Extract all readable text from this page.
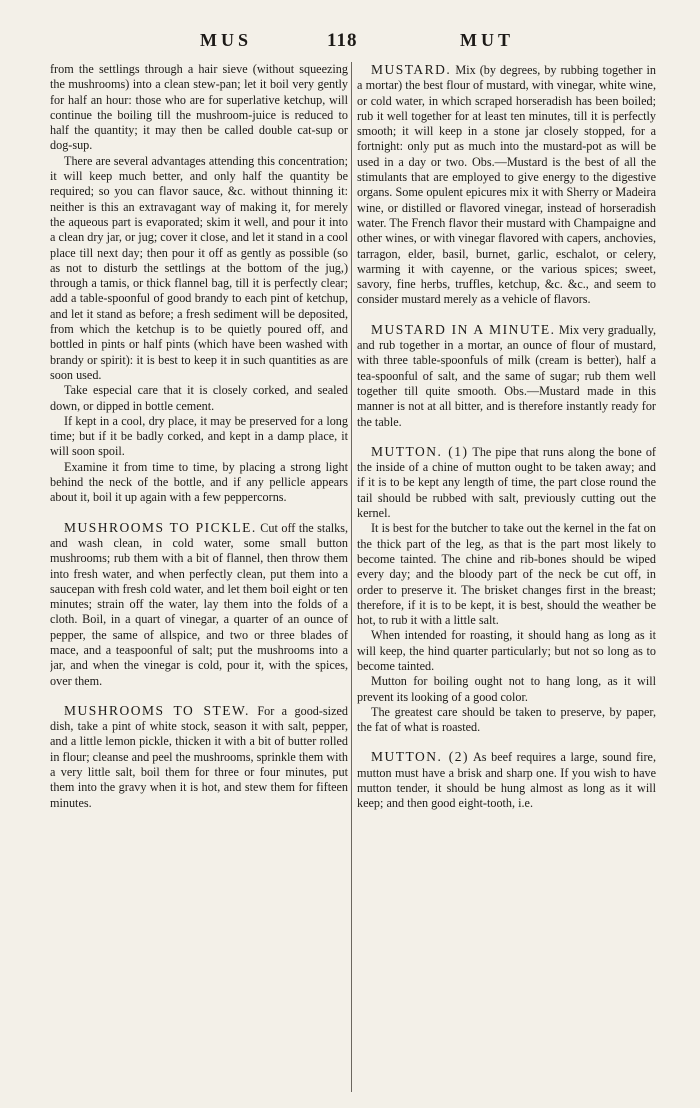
MUS	118	MUT

from the settlings through a hair sieve (without squeezing the mushrooms) into a clean stew-pan; let it boil very gently for half an hour: those who are for superlative ketchup, will continue the boiling till the mushroom-juice is reduced to half the quantity; it may then be called double cat-sup or dog-sup.

There are several advantages attending this concentration; it will keep much better, and only half the quantity be required; so you can flavor sauce, &c. without thinning it: neither is this an extravagant way of making it, for merely the aqueous part is evaporated; skim it well, and pour it into a clean dry jar, or jug; cover it close, and let it stand in a cool place till next day; then pour it off as gently as possible (so as not to disturb the settlings at the bottom of the jug,) through a tamis, or thick flannel bag, till it is perfectly clear; add a table-spoonful of good brandy to each pint of ketchup, and let it stand as before; a fresh sediment will be deposited, from which the ketchup is to be quietly poured off, and bottled in pints or half pints (which have been washed with brandy or spirit): it is best to keep it in such quantities as are soon used.

Take especial care that it is closely corked, and sealed down, or dipped in bottle cement.

If kept in a cool, dry place, it may be preserved for a long time; but if it be badly corked, and kept in a damp place, it will soon spoil.

Examine it from time to time, by placing a strong light behind the neck of the bottle, and if any pellicle appears about it, boil it up again with a few peppercorns.

MUSHROOMS TO PICKLE. Cut off the stalks, and wash clean, in cold water, some small button mushrooms; rub them with a bit of flannel, then throw them into fresh water, and when perfectly clean, put them into a saucepan with fresh cold water, and let them boil eight or ten minutes; strain off the water, lay them into the folds of a cloth. Boil, in a quart of vinegar, a quarter of an ounce of pepper, the same of allspice, and two or three blades of mace, and a teaspoonful of salt; put the mushrooms into a jar, and when the vinegar is cold, pour it, with the spices, over them.

MUSHROOMS TO STEW. For a good-sized dish, take a pint of white stock, season it with salt, pepper, and a little lemon pickle, thicken it with a bit of butter rolled in flour; cleanse and peel the mushrooms, sprinkle them with a very little salt, boil them for three or four minutes, put them into the gravy when it is hot, and stew them for fifteen minutes.

MUSTARD. Mix (by degrees, by rubbing together in a mortar) the best flour of mustard, with vinegar, white wine, or cold water, in which scraped horseradish has been boiled; rub it well together for at least ten minutes, till it is perfectly smooth; it will keep in a stone jar closely stopped, for a fortnight: only put as much into the mustard-pot as will be used in a day or two. Obs.—Mustard is the best of all the stimulants that are employed to give energy to the digestive organs. Some opulent epicures mix it with Sherry or Madeira wine, or distilled or flavored vinegar, instead of horseradish water. The French flavor their mustard with Champaigne and other wines, or with vinegar flavored with capers, anchovies, tarragon, elder, basil, burnet, garlic, eschalot, or celery, warming it with cayenne, or the various spices; sweet, savory, fine herbs, truffles, ketchup, &c. &c., and seem to consider mustard merely as a vehicle of flavors.

MUSTARD IN A MINUTE. Mix very gradually, and rub together in a mortar, an ounce of flour of mustard, with three table-spoonfuls of milk (cream is better), half a tea-spoonful of salt, and the same of sugar; rub them well together till quite smooth. Obs.—Mustard made in this manner is not at all bitter, and is therefore instantly ready for the table.

MUTTON. (1) The pipe that runs along the bone of the inside of a chine of mutton ought to be taken away; and if it is to be kept any length of time, the part close round the tail should be rubbed with salt, previously cutting out the kernel.

It is best for the butcher to take out the kernel in the fat on the thick part of the leg, as that is the part most likely to become tainted. The chine and rib-bones should be wiped every day; and the bloody part of the neck be cut off, in order to preserve it. The brisket changes first in the breast; therefore, if it is to be kept, it is best, should the weather be hot, to rub it with a little salt.

When intended for roasting, it should hang as long as it will keep, the hind quarter particularly; but not so long as to become tainted.

Mutton for boiling ought not to hang long, as it will prevent its looking of a good color.

The greatest care should be taken to preserve, by paper, the fat of what is roasted.

MUTTON. (2) As beef requires a large, sound fire, mutton must have a brisk and sharp one. If you wish to have mutton tender, it should be hung almost as long as it will keep; and then good eight-tooth, i.e.
